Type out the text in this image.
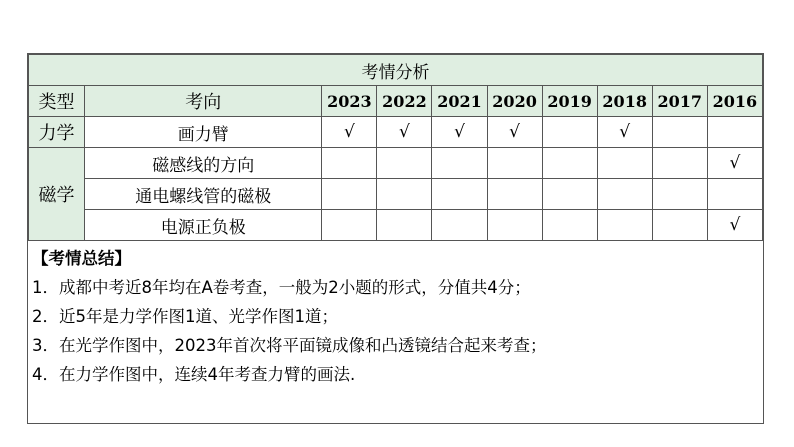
考情分析									
类型	考向	2023	2022	2021	2020	2019	2018	2017	2016
力学	画力臂	√	√	√	√		√		
磁学	磁感线的方向								√
	通电螺线管的磁极								
	电源正负极								√
【考情总结】
1．成都中考近8年均在A卷考查，一般为2小题的形式，分值共4分；
2．近5年是力学作图1道、光学作图1道；
3．在光学作图中，2023年首次将平面镜成像和凸透镜结合起来考查；
4．在力学作图中，连续4年考查力臂的画法.
